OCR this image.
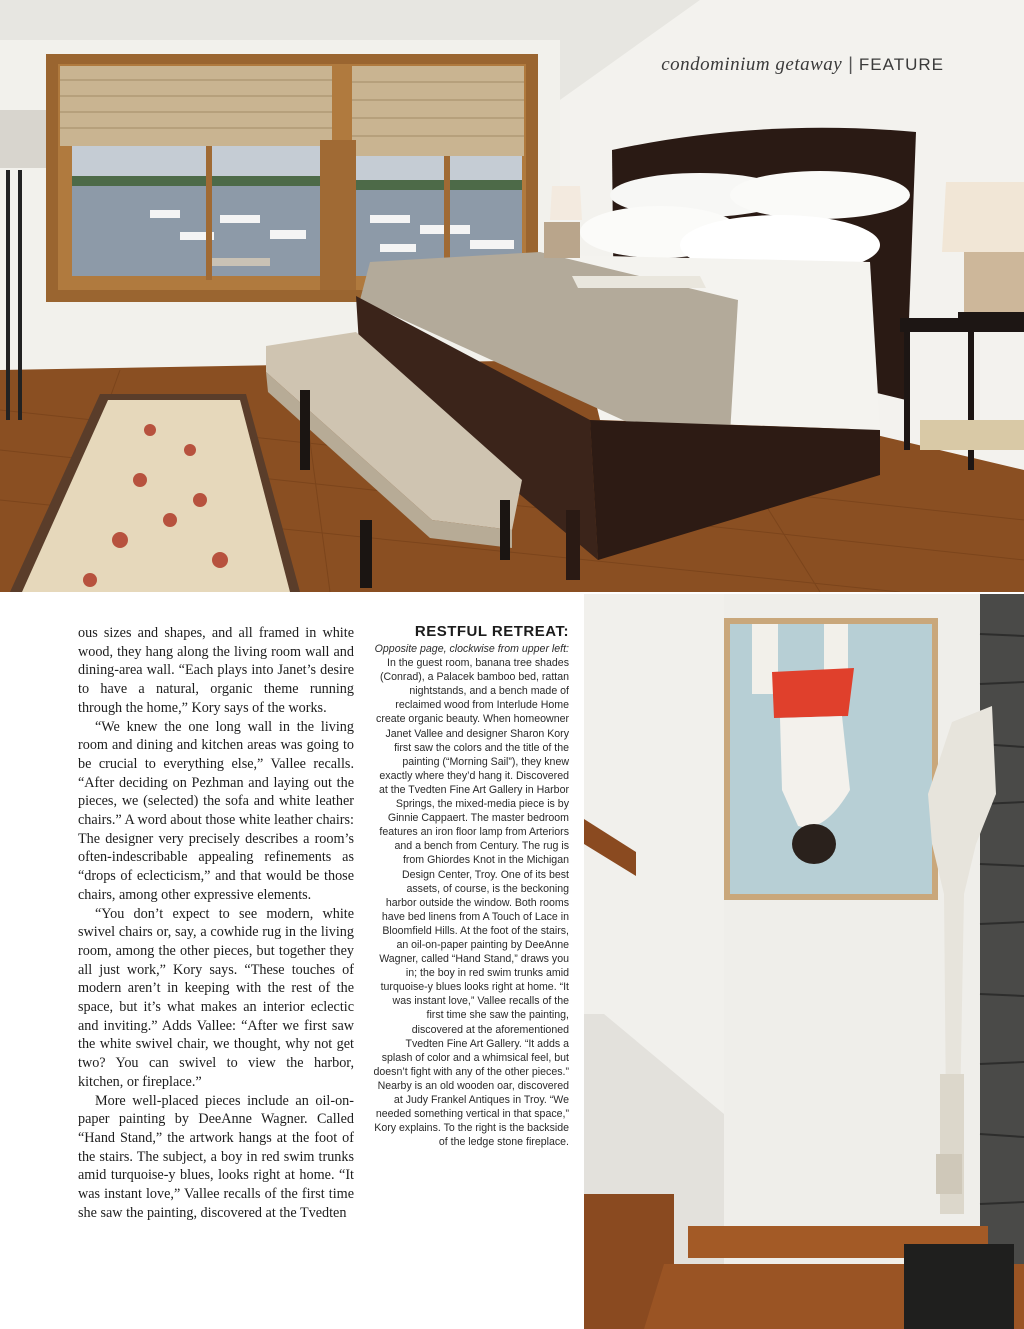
condominium getaway | FEATURE

ous sizes and shapes, and all framed in white wood, they hang along the living room wall and dining-area wall. “Each plays into Janet’s desire to have a natural, organic theme running through the home,” Kory says of the works.

“We knew the one long wall in the living room and dining and kitchen areas was going to be crucial to everything else,” Vallee recalls. “After deciding on Pezhman and laying out the pieces, we (selected) the sofa and white leather chairs.” A word about those white leather chairs: The designer very precisely describes a room’s often-indescribable appealing refinements as “drops of eclecticism,” and that would be those chairs, among other expressive elements.

“You don’t expect to see modern, white swivel chairs or, say, a cowhide rug in the living room, among the other pieces, but together they all just work,” Kory says. “These touches of modern aren’t in keeping with the rest of the space, but it’s what makes an interior eclectic and inviting.” Adds Vallee: “After we first saw the white swivel chair, we thought, why not get two? You can swivel to view the harbor, kitchen, or fireplace.”

More well-placed pieces include an oil-on-paper painting by DeeAnne Wagner. Called “Hand Stand,” the artwork hangs at the foot of the stairs. The subject, a boy in red swim trunks amid turquoise-y blues, looks right at home. “It was instant love,” Vallee recalls of the first time she saw the painting, discovered at the Tvedten

RESTFUL RETREAT:
Opposite page, clockwise from upper left: In the guest room, banana tree shades (Conrad), a Palacek bamboo bed, rattan nightstands, and a bench made of reclaimed wood from Interlude Home create organic beauty. When homeowner Janet Vallee and designer Sharon Kory first saw the colors and the title of the painting (“Morning Sail”), they knew exactly where they’d hang it. Discovered at the Tvedten Fine Art Gallery in Harbor Springs, the mixed-media piece is by Ginnie Cappaert. The master bedroom features an iron floor lamp from Arteriors and a bench from Century. The rug is from Ghiordes Knot in the Michigan Design Center, Troy. One of its best assets, of course, is the beckoning harbor outside the window. Both rooms have bed linens from A Touch of Lace in Bloomfield Hills. At the foot of the stairs, an oil-on-paper painting by DeeAnne Wagner, called “Hand Stand,” draws you in; the boy in red swim trunks amid turquoise-y blues looks right at home. “It was instant love,” Vallee recalls of the first time she saw the painting, discovered at the aforementioned Tvedten Fine Art Gallery. “It adds a splash of color and a whimsical feel, but doesn’t fight with any of the other pieces.” Nearby is an old wooden oar, discovered at Judy Frankel Antiques in Troy. “We needed something vertical in that space,” Kory explains. To the right is the backside of the ledge stone fireplace.
